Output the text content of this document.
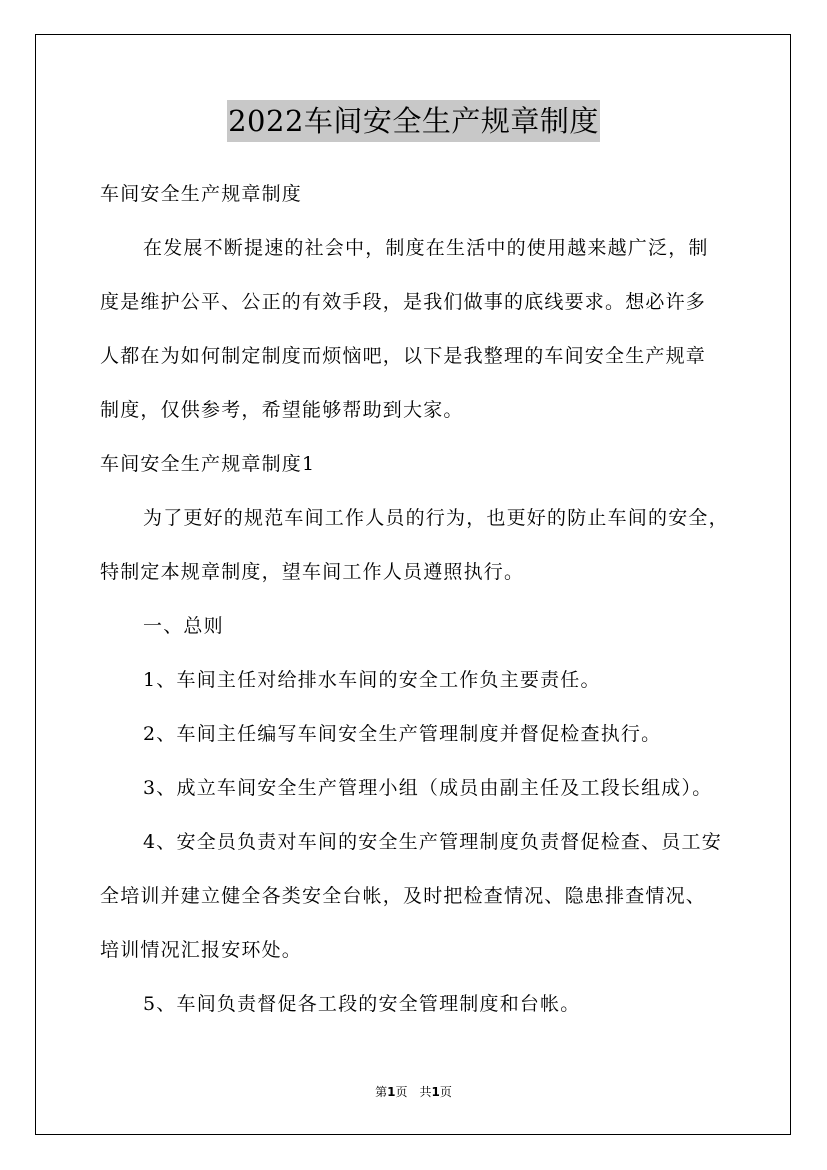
2022车间安全生产规章制度
车间安全生产规章制度
在发展不断提速的社会中，制度在生活中的使用越来越广泛，制
度是维护公平、公正的有效手段，是我们做事的底线要求。想必许多
人都在为如何制定制度而烦恼吧，以下是我整理的车间安全生产规章
制度，仅供参考，希望能够帮助到大家。
车间安全生产规章制度1
为了更好的规范车间工作人员的行为，也更好的防止车间的安全，
特制定本规章制度，望车间工作人员遵照执行。
一、总则
1、车间主任对给排水车间的安全工作负主要责任。
2、车间主任编写车间安全生产管理制度并督促检查执行。
3、成立车间安全生产管理小组（成员由副主任及工段长组成）。
4、安全员负责对车间的安全生产管理制度负责督促检查、员工安
全培训并建立健全各类安全台帐，及时把检查情况、隐患排查情况、
培训情况汇报安环处。
5、车间负责督促各工段的安全管理制度和台帐。
第1页　共1页
